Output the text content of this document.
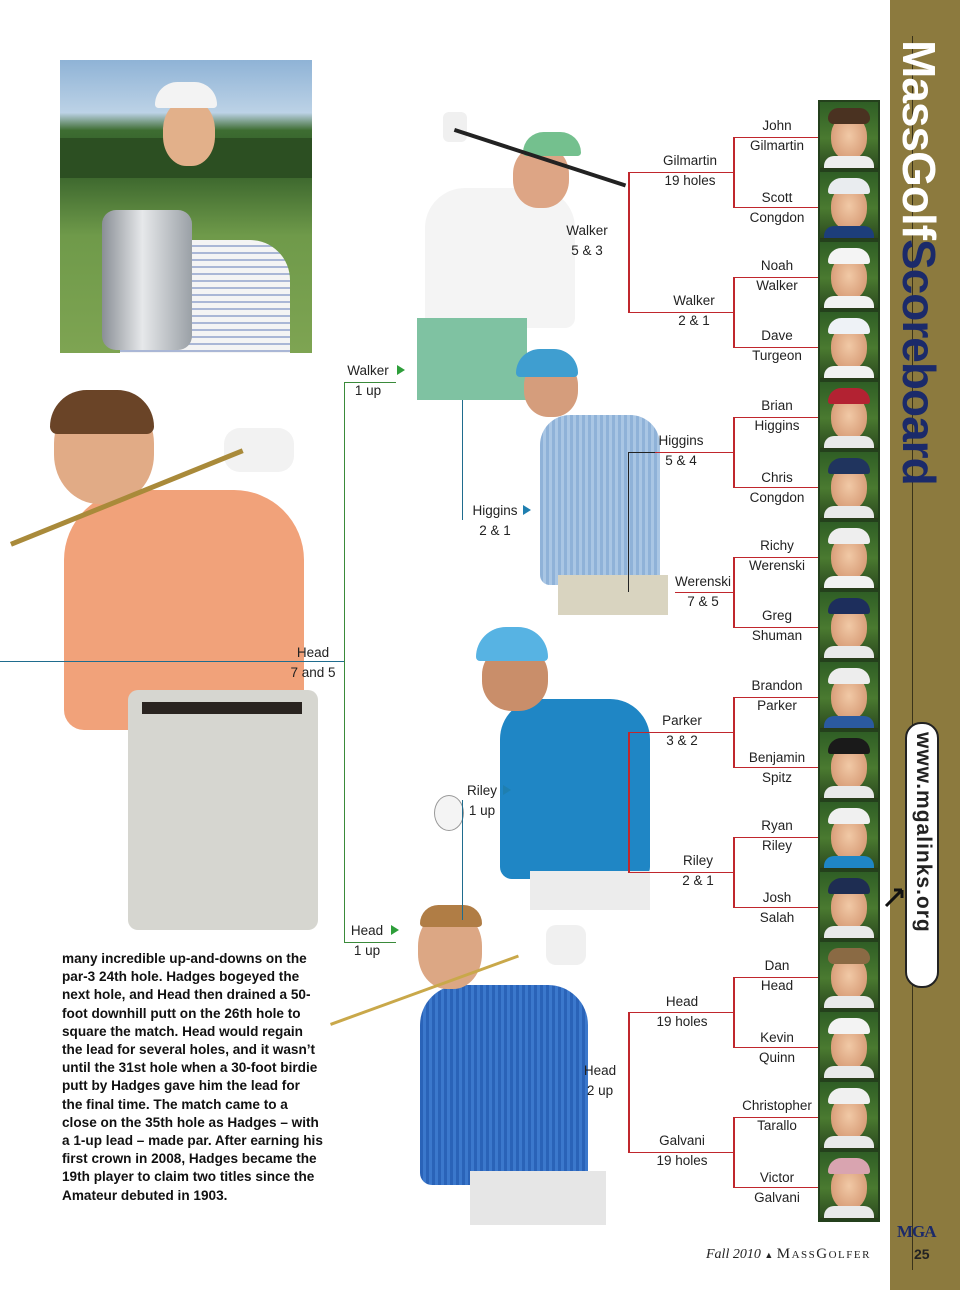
John
Gilmartin
Scott
Congdon
Noah
Walker
Dave
Turgeon
Brian
Higgins
Chris
Congdon
Richy
Werenski
Greg
Shuman
Brandon
Parker
Benjamin
Spitz
Ryan
Riley
Josh
Salah
Dan
Head
Kevin
Quinn
Christopher
Tarallo
Victor
Galvani
Gilmartin
19 holes
Walker
2 & 1
Higgins
5 & 4
Werenski
7 & 5
Parker
3 & 2
Riley
2 & 1
Head
19 holes
Galvani
19 holes
Walker
5 & 3
Higgins
2 & 1
Riley
1 up
Head
2 up
Walker
1 up
Head
1 up
Head
7 and 5
MassGolfScoreboard
www.mgalinks.org
MGA
Fall 2010 ▲ MassGolfer	25
many incredible up-and-downs on the par-3 24th hole. Hadges bogeyed the next hole, and Head then drained a 50-foot downhill putt on the 26th hole to square the match. Head would regain the lead for several holes, and it wasn’t until the 31st hole when a 30-foot birdie putt by Hadges gave him the lead for the final time. The match came to a close on the 35th hole as Hadges – with a 1-up lead – made par. After earning his first crown in 2008, Hadges became the 19th player to claim two titles since the Amateur debuted in 1903.
